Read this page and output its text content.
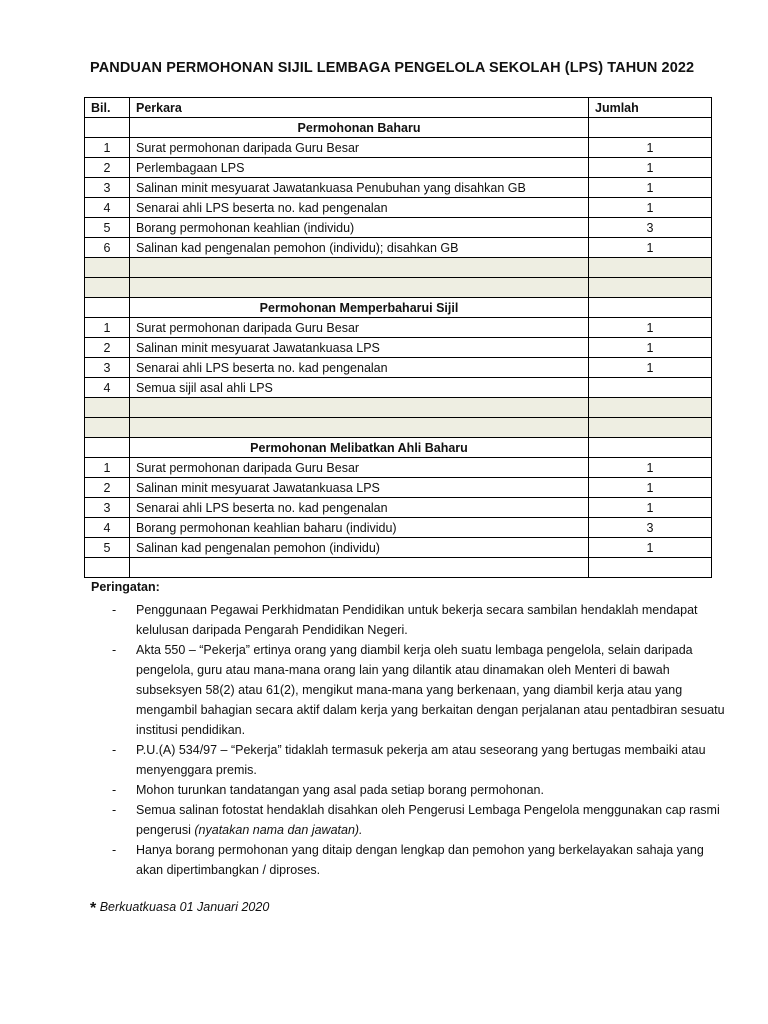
PANDUAN PERMOHONAN SIJIL LEMBAGA PENGELOLA SEKOLAH (LPS) TAHUN 2022
Bil.	Perkara	Jumlah
	Permohonan Baharu	
1	Surat permohonan daripada Guru Besar	1
2	Perlembagaan LPS	1
3	Salinan minit mesyuarat Jawatankuasa Penubuhan yang disahkan GB	1
4	Senarai ahli LPS beserta no. kad pengenalan	1
5	Borang permohonan keahlian (individu)	3
6	Salinan kad pengenalan pemohon (individu); disahkan GB	1

	Permohonan Memperbaharui Sijil	
1	Surat permohonan daripada Guru Besar	1
2	Salinan minit mesyuarat Jawatankuasa LPS	1
3	Senarai ahli LPS beserta no. kad pengenalan	1
4	Semua sijil asal ahli LPS	

	Permohonan Melibatkan Ahli Baharu	
1	Surat permohonan daripada Guru Besar	1
2	Salinan minit mesyuarat Jawatankuasa LPS	1
3	Senarai ahli LPS beserta no. kad pengenalan	1
4	Borang permohonan keahlian baharu (individu)	3
5	Salinan kad pengenalan pemohon (individu)	1

Peringatan:
- Penggunaan Pegawai Perkhidmatan Pendidikan untuk bekerja secara sambilan hendaklah mendapat kelulusan daripada Pengarah Pendidikan Negeri.
- Akta 550 – “Pekerja” ertinya orang yang diambil kerja oleh suatu lembaga pengelola, selain daripada pengelola, guru atau mana-mana orang lain yang dilantik atau dinamakan oleh Menteri di bawah subseksyen 58(2) atau 61(2), mengikut mana-mana yang berkenaan, yang diambil kerja atau yang mengambil bahagian secara aktif dalam kerja yang berkaitan dengan perjalanan atau pentadbiran sesuatu institusi pendidikan.
- P.U.(A) 534/97 – “Pekerja” tidaklah termasuk pekerja am atau seseorang yang bertugas membaiki atau menyenggara premis.
- Mohon turunkan tandatangan yang asal pada setiap borang permohonan.
- Semua salinan fotostat hendaklah disahkan oleh Pengerusi Lembaga Pengelola menggunakan cap rasmi pengerusi (nyatakan nama dan jawatan).
- Hanya borang permohonan yang ditaip dengan lengkap dan pemohon yang berkelayakan sahaja yang akan dipertimbangkan / diproses.
* Berkuatkuasa 01 Januari 2020
